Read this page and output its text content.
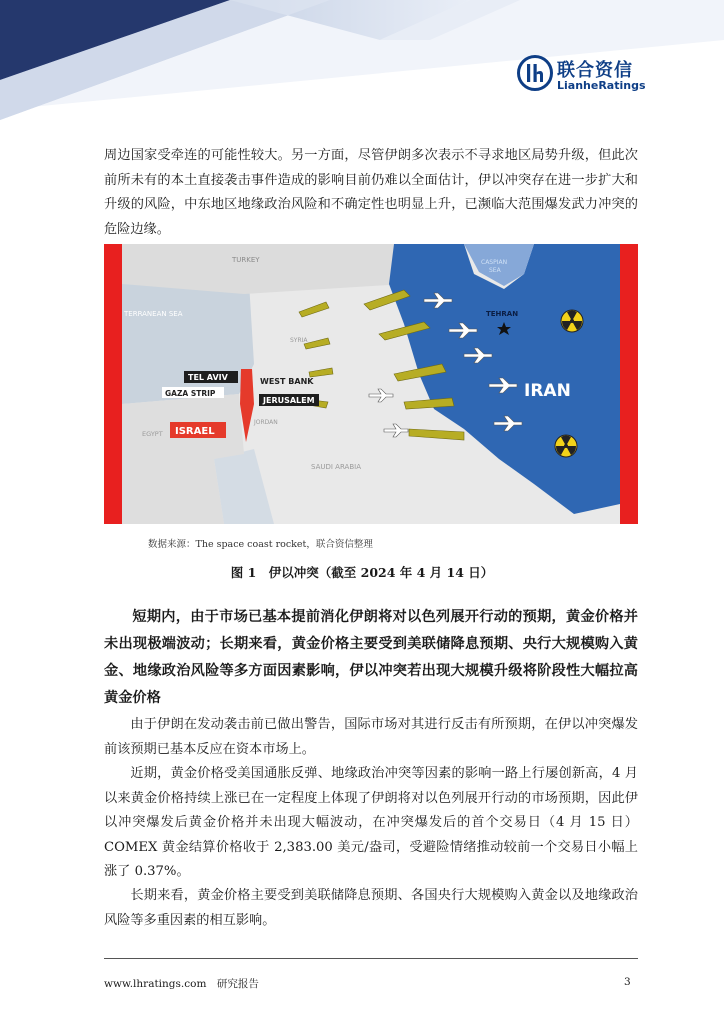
联合资信
LianheRatings
周边国家受牵连的可能性较大。另一方面，尽管伊朗多次表示不寻求地区局势升级，但此次前所未有的本土直接袭击事件造成的影响目前仍难以全面估计，伊以冲突存在进一步扩大和升级的风险，中东地区地缘政治风险和不确定性也明显上升，已濒临大范围爆发武力冲突的危险边缘。
TURKEY	CASPIAN
SEA
TERRANEAN SEA
SYRIA
TEL AVIV
GAZA STRIP
WEST BANK
JERUSALEM
ISRAEL
JORDAN
EGYPT
SAUDI ARABIA
TEHRAN
IRAN
数据来源：The space coast rocket，联合资信整理
图 1　伊以冲突（截至 2024 年 4 月 14 日）
短期内，由于市场已基本提前消化伊朗将对以色列展开行动的预期，黄金价格并未出现极端波动；长期来看，黄金价格主要受到美联储降息预期、央行大规模购入黄金、地缘政治风险等多方面因素影响，伊以冲突若出现大规模升级将阶段性大幅拉高黄金价格
由于伊朗在发动袭击前已做出警告，国际市场对其进行反击有所预期，在伊以冲突爆发前该预期已基本反应在资本市场上。
近期，黄金价格受美国通胀反弹、地缘政治冲突等因素的影响一路上行屡创新高，4 月以来黄金价格持续上涨已在一定程度上体现了伊朗将对以色列展开行动的市场预期，因此伊以冲突爆发后黄金价格并未出现大幅波动，在冲突爆发后的首个交易日（4 月 15 日）COMEX 黄金结算价格收于 2,383.00 美元/盎司，受避险情绪推动较前一个交易日小幅上涨了 0.37%。
长期来看，黄金价格主要受到美联储降息预期、各国央行大规模购入黄金以及地缘政治风险等多重因素的相互影响。
www.lhratings.com　研究报告	3
